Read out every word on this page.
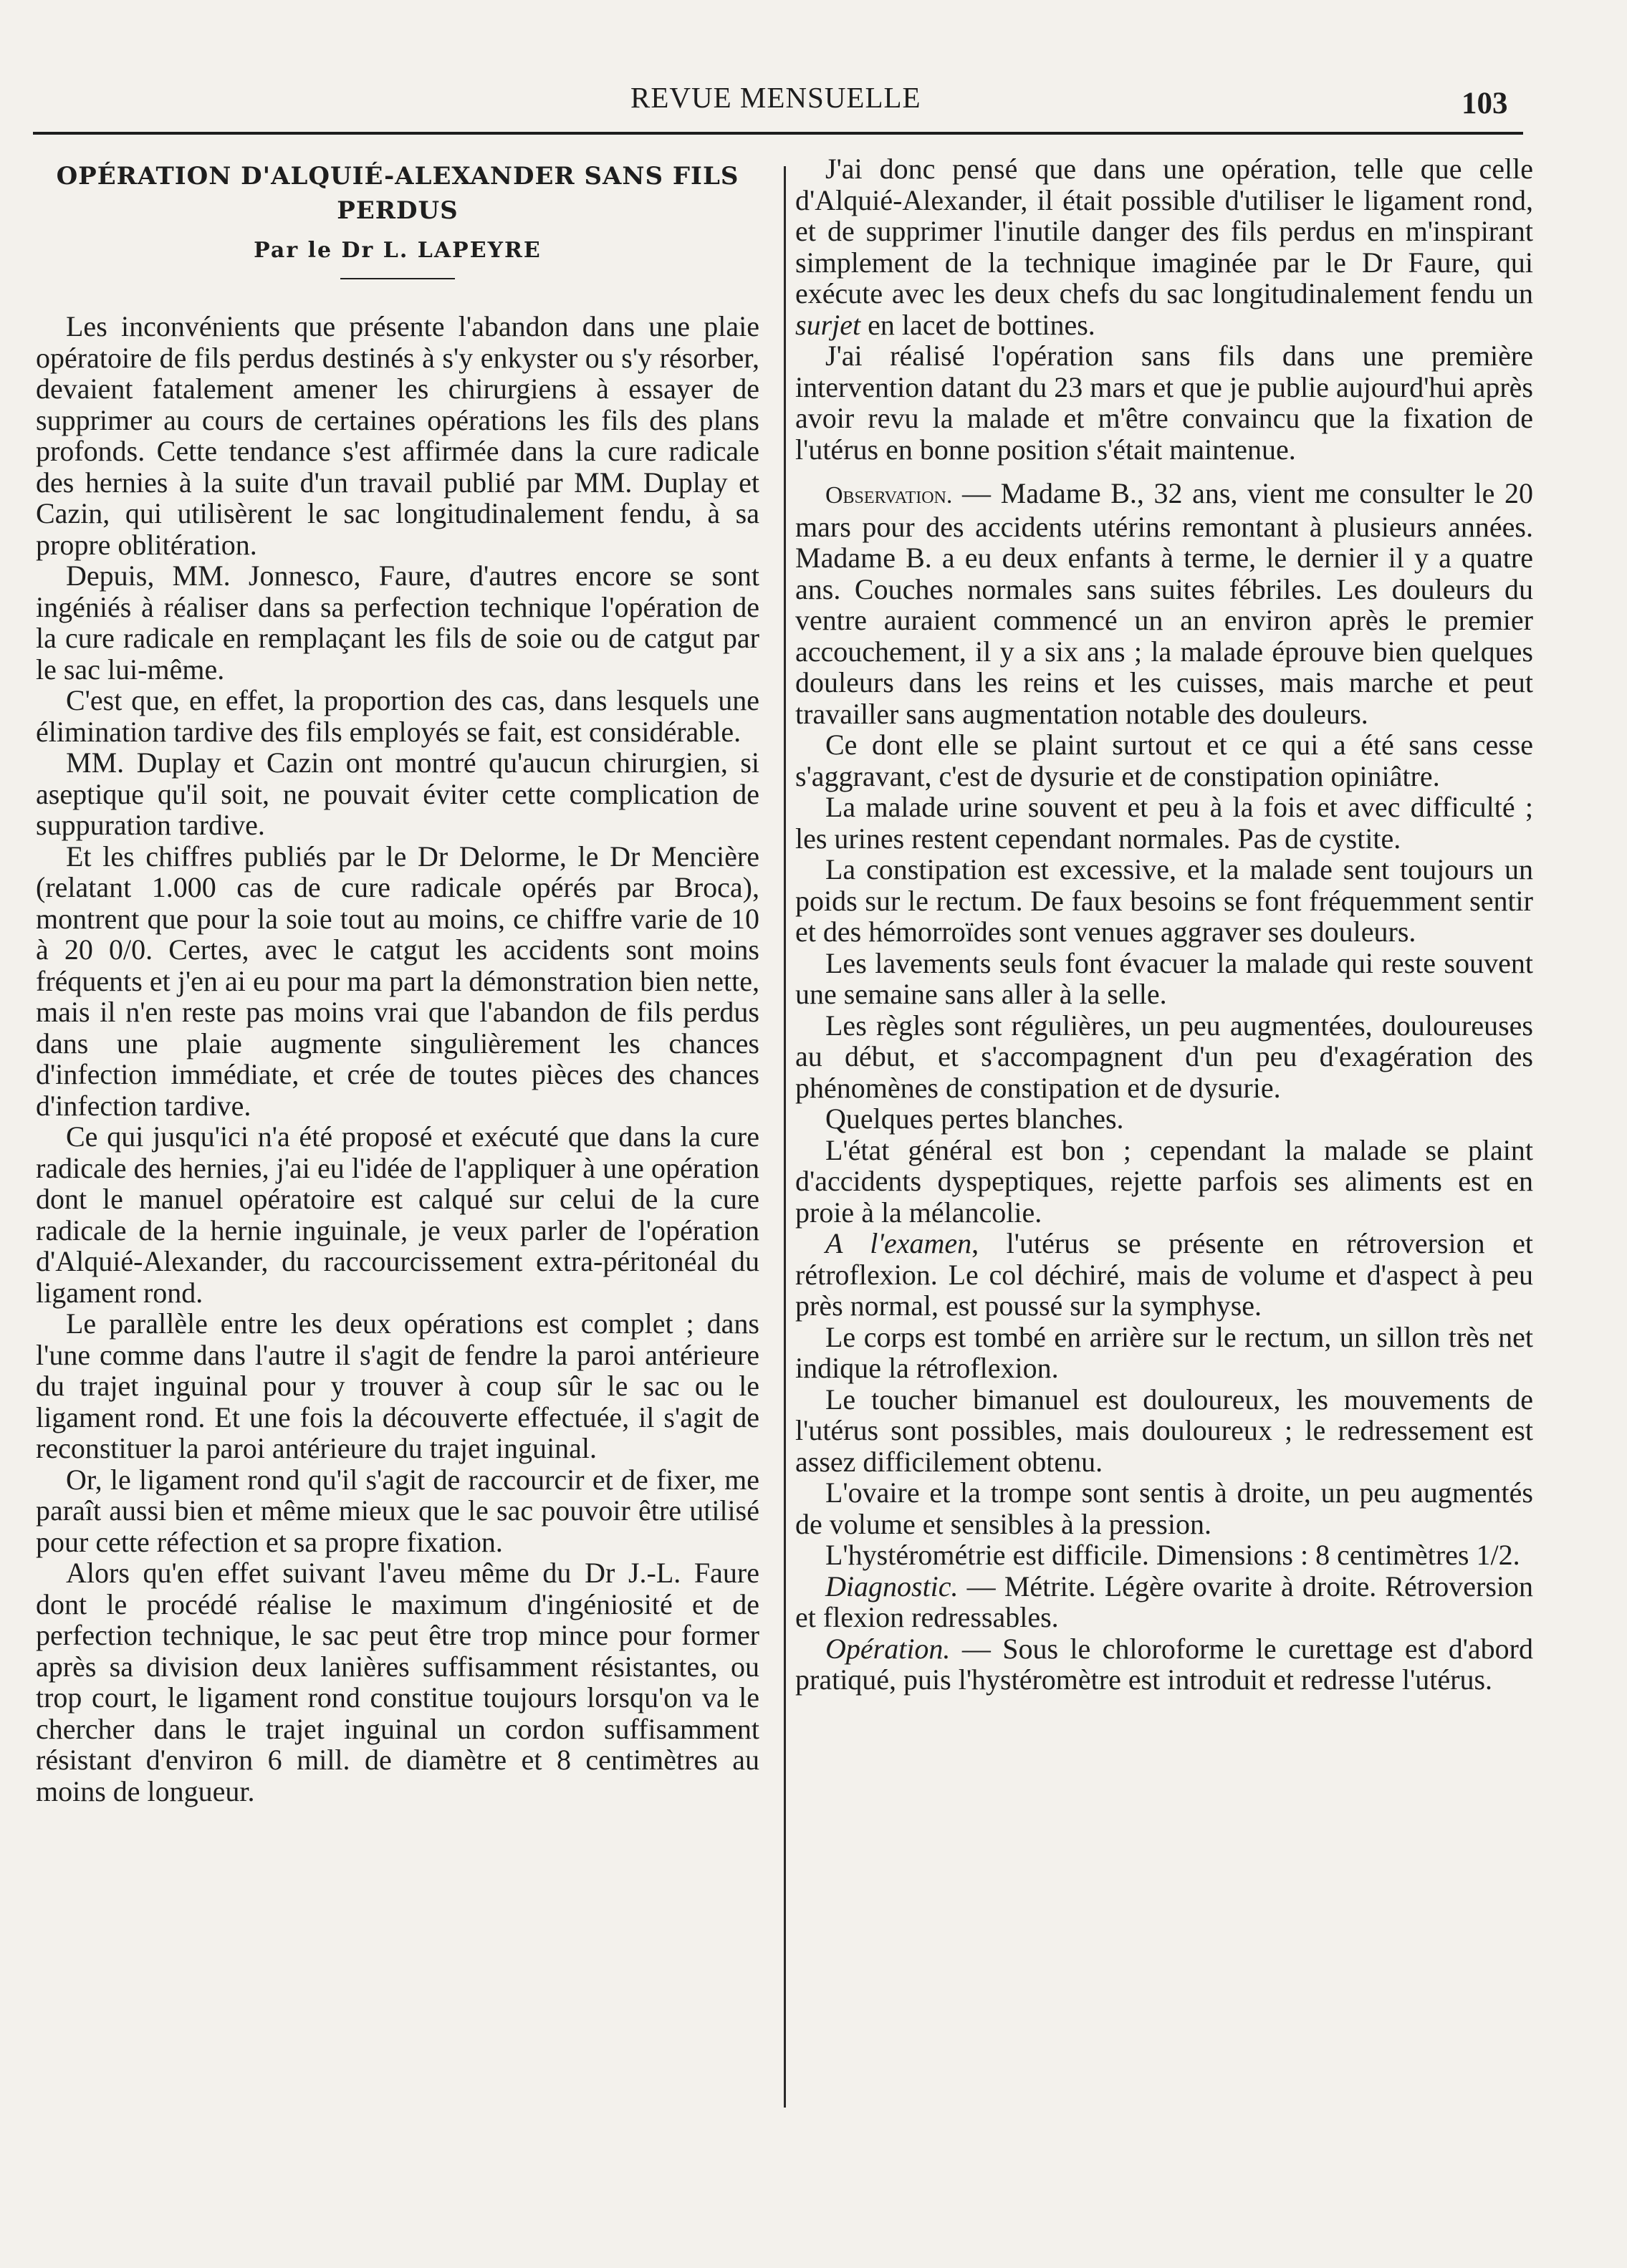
REVUE MENSUELLE	103
OPÉRATION D'ALQUIÉ-ALEXANDER SANS FILS PERDUS
Par le Dr L. LAPEYRE

Les inconvénients que présente l'abandon dans une plaie opératoire de fils perdus destinés à s'y enkyster ou s'y résorber, devaient fatalement amener les chirurgiens à essayer de supprimer au cours de certaines opérations les fils des plans profonds. Cette tendance s'est affirmée dans la cure radicale des hernies à la suite d'un travail publié par MM. Duplay et Cazin, qui utilisèrent le sac longitudinalement fendu, à sa propre oblitération.

Depuis, MM. Jonnesco, Faure, d'autres encore se sont ingéniés à réaliser dans sa perfection technique l'opération de la cure radicale en remplaçant les fils de soie ou de catgut par le sac lui-même.

C'est que, en effet, la proportion des cas, dans lesquels une élimination tardive des fils employés se fait, est considérable.

MM. Duplay et Cazin ont montré qu'aucun chirurgien, si aseptique qu'il soit, ne pouvait éviter cette complication de suppuration tardive.

Et les chiffres publiés par le Dr Delorme, le Dr Mencière (relatant 1.000 cas de cure radicale opérés par Broca), montrent que pour la soie tout au moins, ce chiffre varie de 10 à 20 0/0. Certes, avec le catgut les accidents sont moins fréquents et j'en ai eu pour ma part la démonstration bien nette, mais il n'en reste pas moins vrai que l'abandon de fils perdus dans une plaie augmente singulièrement les chances d'infection immédiate, et crée de toutes pièces des chances d'infection tardive.

Ce qui jusqu'ici n'a été proposé et exécuté que dans la cure radicale des hernies, j'ai eu l'idée de l'appliquer à une opération dont le manuel opératoire est calqué sur celui de la cure radicale de la hernie inguinale, je veux parler de l'opération d'Alquié-Alexander, du raccourcissement extra-péritonéal du ligament rond.

Le parallèle entre les deux opérations est complet ; dans l'une comme dans l'autre il s'agit de fendre la paroi antérieure du trajet inguinal pour y trouver à coup sûr le sac ou le ligament rond. Et une fois la découverte effectuée, il s'agit de reconstituer la paroi antérieure du trajet inguinal.

Or, le ligament rond qu'il s'agit de raccourcir et de fixer, me paraît aussi bien et même mieux que le sac pouvoir être utilisé pour cette réfection et sa propre fixation.

Alors qu'en effet suivant l'aveu même du Dr J.-L. Faure dont le procédé réalise le maximum d'ingéniosité et de perfection technique, le sac peut être trop mince pour former après sa division deux lanières suffisamment résistantes, ou trop court, le ligament rond constitue toujours lorsqu'on va le chercher dans le trajet inguinal un cordon suffisamment résistant d'environ 6 mill. de diamètre et 8 centimètres au moins de longueur.

J'ai donc pensé que dans une opération, telle que celle d'Alquié-Alexander, il était possible d'utiliser le ligament rond, et de supprimer l'inutile danger des fils perdus en m'inspirant simplement de la technique imaginée par le Dr Faure, qui exécute avec les deux chefs du sac longitudinalement fendu un surjet en lacet de bottines.

J'ai réalisé l'opération sans fils dans une première intervention datant du 23 mars et que je publie aujourd'hui après avoir revu la malade et m'être convaincu que la fixation de l'utérus en bonne position s'était maintenue.

Observation. — Madame B., 32 ans, vient me consulter le 20 mars pour des accidents utérins remontant à plusieurs années. Madame B. a eu deux enfants à terme, le dernier il y a quatre ans. Couches normales sans suites fébriles. Les douleurs du ventre auraient commencé un an environ après le premier accouchement, il y a six ans ; la malade éprouve bien quelques douleurs dans les reins et les cuisses, mais marche et peut travailler sans augmentation notable des douleurs.

Ce dont elle se plaint surtout et ce qui a été sans cesse s'aggravant, c'est de dysurie et de constipation opiniâtre.

La malade urine souvent et peu à la fois et avec difficulté ; les urines restent cependant normales. Pas de cystite.

La constipation est excessive, et la malade sent toujours un poids sur le rectum. De faux besoins se font fréquemment sentir et des hémorroïdes sont venues aggraver ses douleurs.

Les lavements seuls font évacuer la malade qui reste souvent une semaine sans aller à la selle.

Les règles sont régulières, un peu augmentées, douloureuses au début, et s'accompagnent d'un peu d'exagération des phénomènes de constipation et de dysurie.

Quelques pertes blanches.

L'état général est bon ; cependant la malade se plaint d'accidents dyspeptiques, rejette parfois ses aliments est en proie à la mélancolie.

A l'examen, l'utérus se présente en rétroversion et rétroflexion. Le col déchiré, mais de volume et d'aspect à peu près normal, est poussé sur la symphyse.

Le corps est tombé en arrière sur le rectum, un sillon très net indique la rétroflexion.

Le toucher bimanuel est douloureux, les mouvements de l'utérus sont possibles, mais douloureux ; le redressement est assez difficilement obtenu.

L'ovaire et la trompe sont sentis à droite, un peu augmentés de volume et sensibles à la pression.

L'hystérométrie est difficile. Dimensions : 8 centimètres 1/2.

Diagnostic. — Métrite. Légère ovarite à droite. Rétroversion et flexion redressables.

Opération. — Sous le chloroforme le curettage est d'abord pratiqué, puis l'hystéromètre est introduit et redresse l'utérus.
